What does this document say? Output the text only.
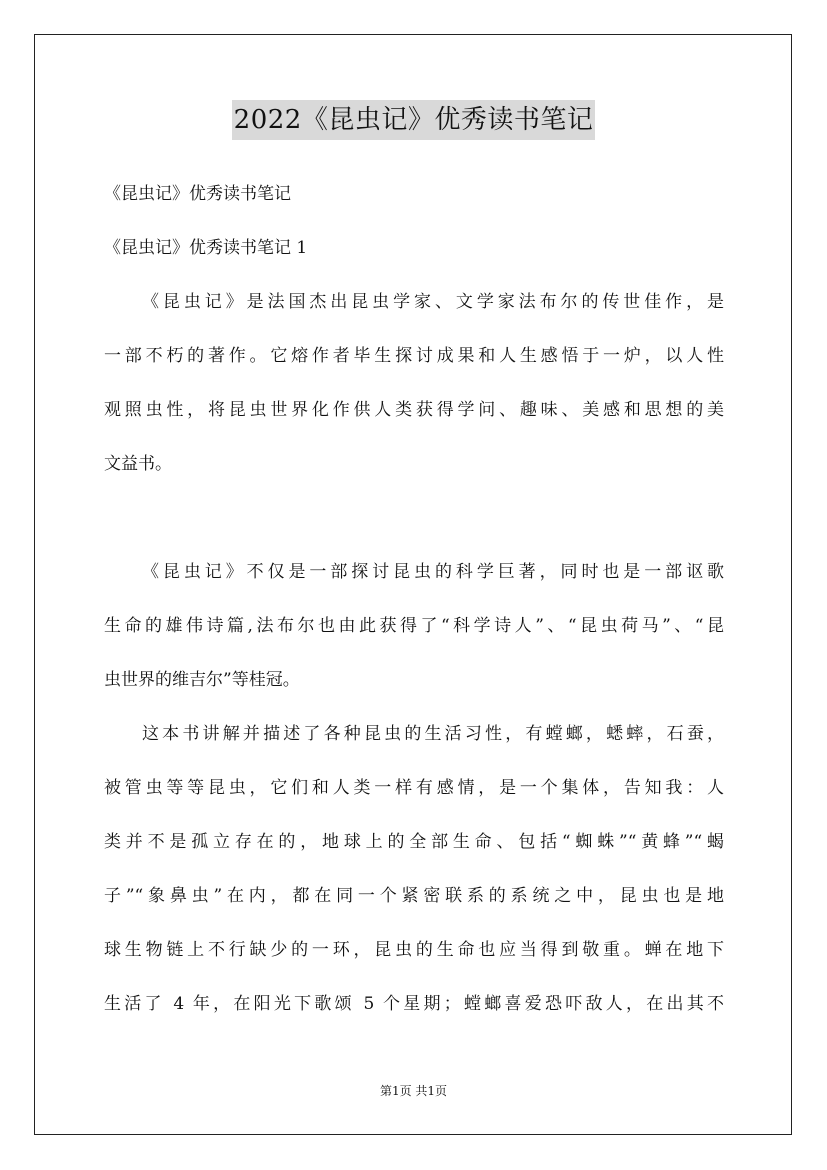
2022《昆虫记》优秀读书笔记
《昆虫记》优秀读书笔记
《昆虫记》优秀读书笔记 1
《昆虫记》是法国杰出昆虫学家、文学家法布尔的传世佳作，是
一部不朽的著作。它熔作者毕生探讨成果和人生感悟于一炉，以人性
观照虫性，将昆虫世界化作供人类获得学问、趣味、美感和思想的美
文益书。
《昆虫记》不仅是一部探讨昆虫的科学巨著，同时也是一部讴歌
生命的雄伟诗篇,法布尔也由此获得了“科学诗人”、“昆虫荷马”、“昆
虫世界的维吉尔”等桂冠。
这本书讲解并描述了各种昆虫的生活习性，有螳螂，蟋蟀，石蚕，
被管虫等等昆虫，它们和人类一样有感情，是一个集体，告知我：人
类并不是孤立存在的，地球上的全部生命、包括“蜘蛛”“黄蜂”“蝎
子”“象鼻虫”在内，都在同一个紧密联系的系统之中，昆虫也是地
球生物链上不行缺少的一环，昆虫的生命也应当得到敬重。蝉在地下
生活了 4 年，在阳光下歌颂 5 个星期；螳螂喜爱恐吓敌人，在出其不
第1页 共1页
